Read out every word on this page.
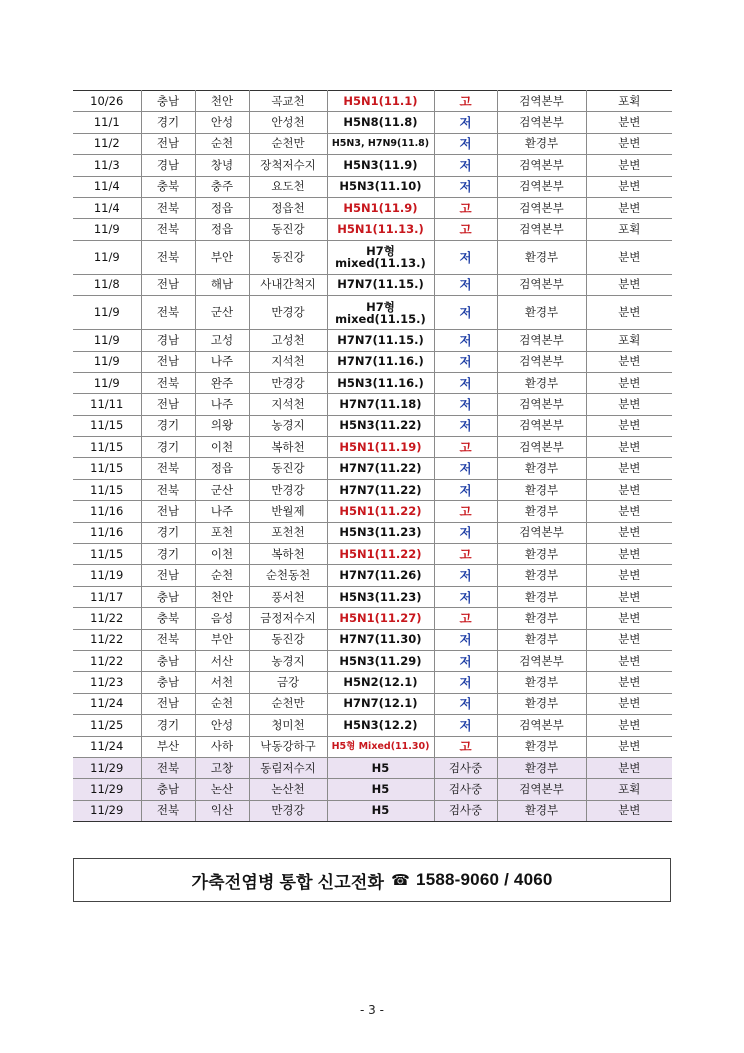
10/26	충남	천안	곡교천	H5N1(11.1)	고	검역본부	포획
11/1	경기	안성	안성천	H5N8(11.8)	저	검역본부	분변
11/2	전남	순천	순천만	H5N3, H7N9(11.8)	저	환경부	분변
11/3	경남	창녕	장척저수지	H5N3(11.9)	저	검역본부	분변
11/4	충북	충주	요도천	H5N3(11.10)	저	검역본부	분변
11/4	전북	정읍	정읍천	H5N1(11.9)	고	검역본부	분변
11/9	전북	정읍	동진강	H5N1(11.13.)	고	검역본부	포획
11/9	전북	부안	동진강	H7형 mixed(11.13.)	저	환경부	분변
11/8	전남	해남	사내간척지	H7N7(11.15.)	저	검역본부	분변
11/9	전북	군산	만경강	H7형 mixed(11.15.)	저	환경부	분변
11/9	경남	고성	고성천	H7N7(11.15.)	저	검역본부	포획
11/9	전남	나주	지석천	H7N7(11.16.)	저	검역본부	분변
11/9	전북	완주	만경강	H5N3(11.16.)	저	환경부	분변
11/11	전남	나주	지석천	H7N7(11.18)	저	검역본부	분변
11/15	경기	의왕	농경지	H5N3(11.22)	저	검역본부	분변
11/15	경기	이천	복하천	H5N1(11.19)	고	검역본부	분변
11/15	전북	정읍	동진강	H7N7(11.22)	저	환경부	분변
11/15	전북	군산	만경강	H7N7(11.22)	저	환경부	분변
11/16	전남	나주	반월제	H5N1(11.22)	고	환경부	분변
11/16	경기	포천	포천천	H5N3(11.23)	저	검역본부	분변
11/15	경기	이천	복하천	H5N1(11.22)	고	환경부	분변
11/19	전남	순천	순천동천	H7N7(11.26)	저	환경부	분변
11/17	충남	천안	풍서천	H5N3(11.23)	저	환경부	분변
11/22	충북	음성	금정저수지	H5N1(11.27)	고	환경부	분변
11/22	전북	부안	동진강	H7N7(11.30)	저	환경부	분변
11/22	충남	서산	농경지	H5N3(11.29)	저	검역본부	분변
11/23	충남	서천	금강	H5N2(12.1)	저	환경부	분변
11/24	전남	순천	순천만	H7N7(12.1)	저	환경부	분변
11/25	경기	안성	청미천	H5N3(12.2)	저	검역본부	분변
11/24	부산	사하	낙동강하구	H5형 Mixed(11.30)	고	환경부	분변
11/29	전북	고창	동림저수지	H5	검사중	환경부	분변
11/29	충남	논산	논산천	H5	검사중	검역본부	포획
11/29	전북	익산	만경강	H5	검사중	환경부	분변
가축전염병 통합 신고전화 ☎ 1588-9060 / 4060
- 3 -
